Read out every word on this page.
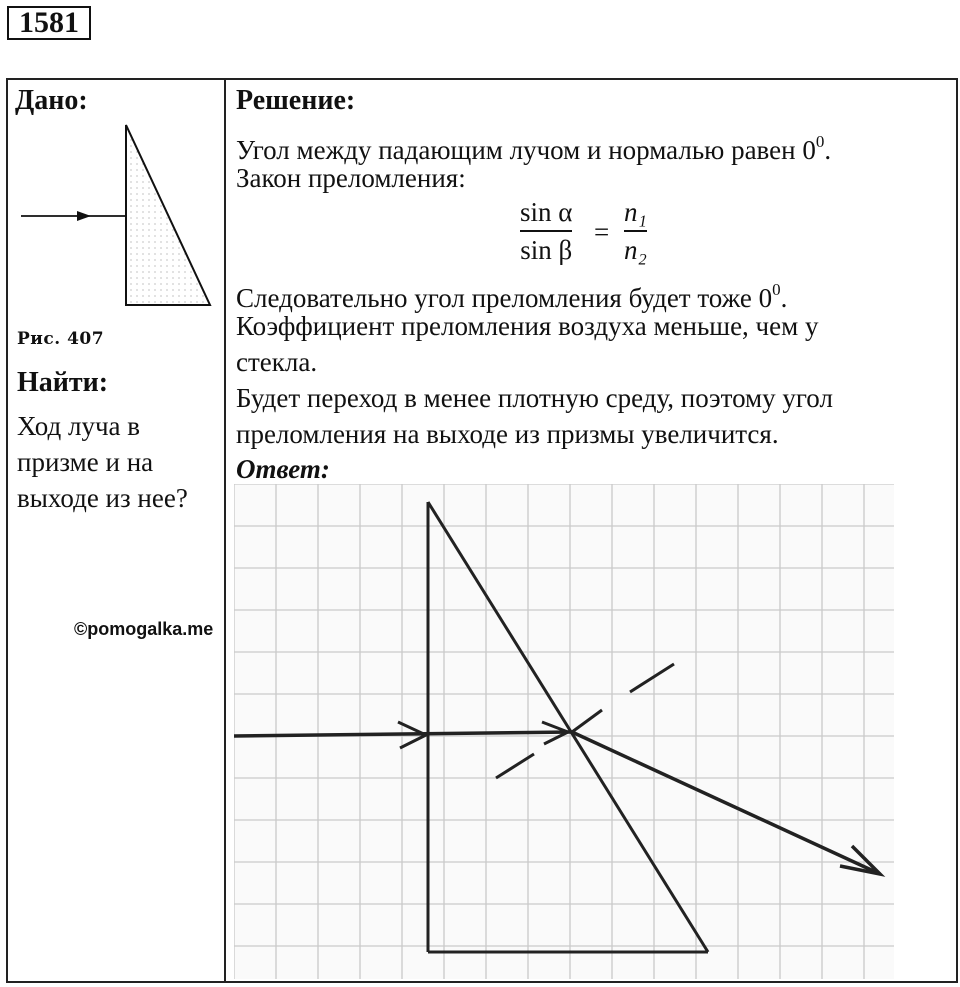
1581
Дано:
Рис. 407
Найти:
Ход луча в
призме и на
выходе из нее?
©pomogalka.me
Решение:
Угол между падающим лучом и нормалью равен $0^0$.
Закон преломления:
sin α
sin β
=
n₁
n₂
Следовательно угол преломления будет тоже $0^0$.
Коэффициент преломления воздуха меньше, чем у
стекла.
Будет переход в менее плотную среду, поэтому угол
преломления на выходе из призмы увеличится.
Ответ:
